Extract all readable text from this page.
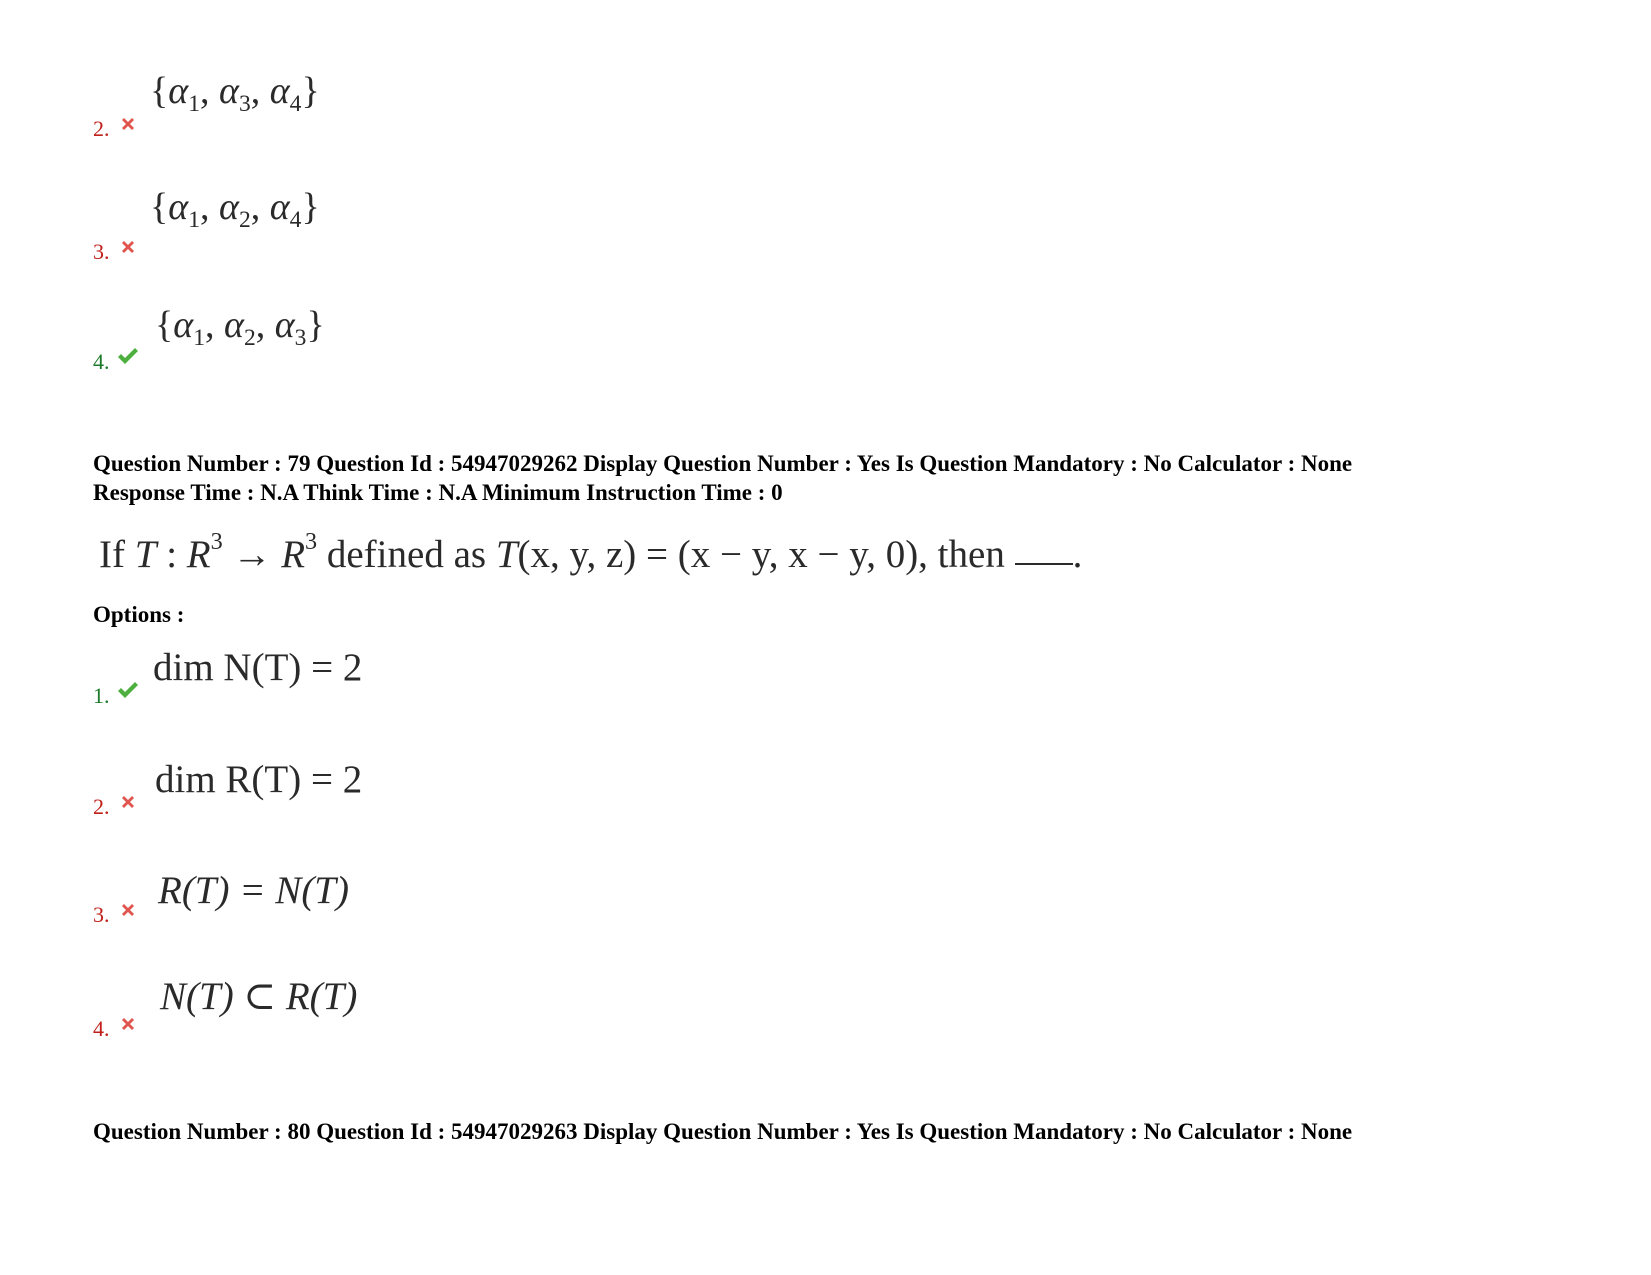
2.
{$\alpha_1$, $\alpha_3$, $\alpha_4$}
3.
{$\alpha_1$, $\alpha_2$, $\alpha_4$}
4.
{$\alpha_1$, $\alpha_2$, $\alpha_3$}
Question Number : 79 Question Id : 54947029262 Display Question Number : Yes Is Question Mandatory : No Calculator : None
Response Time : N.A Think Time : N.A Minimum Instruction Time : 0
If T : $R^3 \to R^3$ defined as T(x, y, z) = (x − y, x − y, 0), then .
Options :
1.
dim N(T) = 2
2.
dim R(T) = 2
3.
R(T) = N(T)
4.
N(T) ⊂ R(T)
Question Number : 80 Question Id : 54947029263 Display Question Number : Yes Is Question Mandatory : No Calculator : None
